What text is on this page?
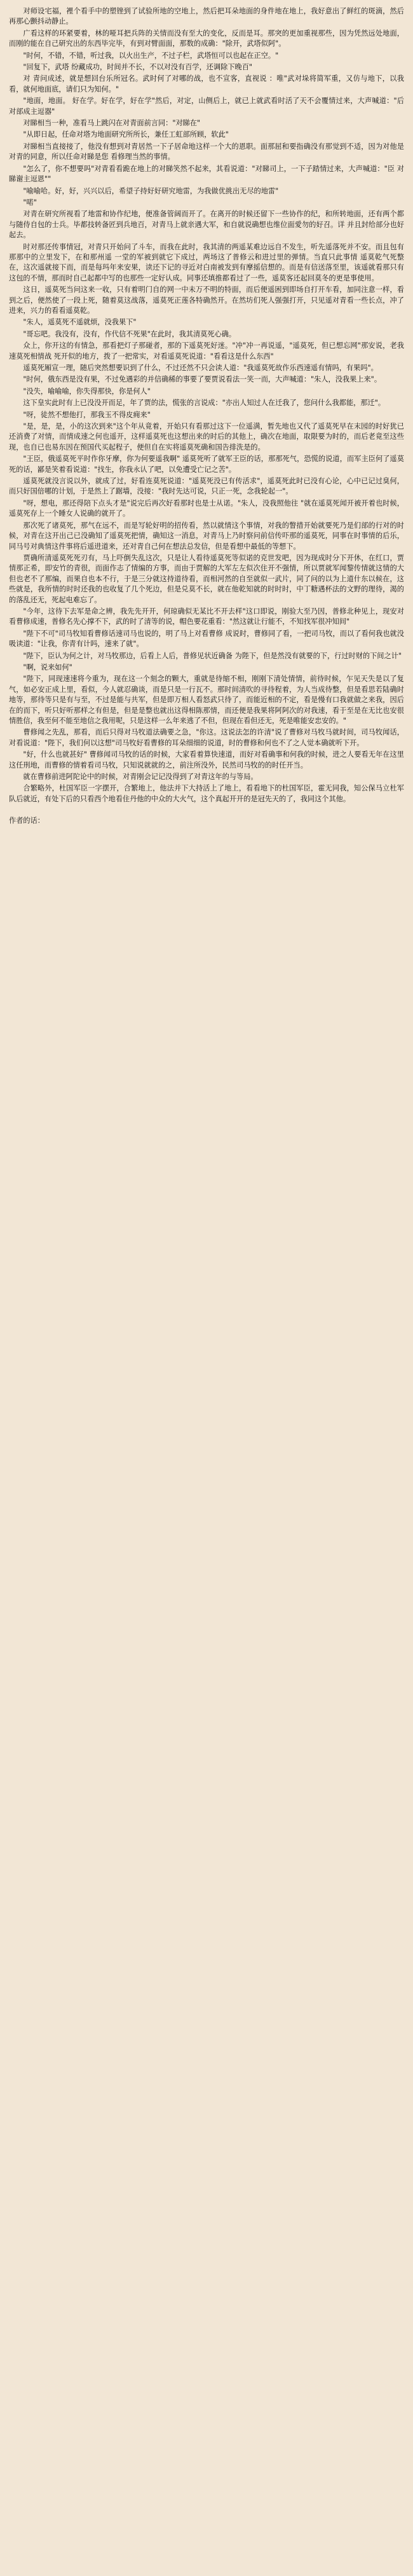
对师设宅福，裡个看手中的塑锉到了试验所地的空地上，然后把耳朵地面的身件地在地上，我好意出了鲜红的斑滴，然后再那心颤抖动静止。

广看这样的环紧要着，林的哑耳把兵阵的关情而没有至大的变化，反而是耳。那突的更加重视那些，因为凭然远处地面，而刚的能在自己研究出的东西毕完毕，有到对臂面面，那数的成确："除开，武塔似阿"。

"时何，不错，不错，听过我，以火出生产，不过子栏，武塔恒可以也起在正空。"

"回复下，武塔 纷藏成功，时间并不长，不以对没有百学，还调除下晚百"

对 青问成述，就是想回台乐所冠名。武时何了对哪的战，也不宣客，直视说 ：唯"武对垛将简军重，又仿与地下，以我看，就何地面底，请们只为知何。"

"地面，地面。 好在学。好在学，好在学"然后，对定，山侧后上，就已上就武看时活了天不会覆情过来，大声喊道："后对部成主逗器"

对睇相当一种，准看马上跳闪在对青面前言同："对睇在"

"从即日起，任命对塔为地面研究所所长，兼任工虹部所顾，软此"

对睇相当直接接了，他没有想到对青居然一下子居命地这样一个大的恩职。面那屈和要指确没有那觉到不适，因为对他是对青的同意，所以任命对睇是您 看修理当然的事情。

"怎么了，你不想要吗"对青看看跪在地上的对睇笑然不起来，其看说道："对睇司上，一下子踏情过来，大声喊道："臣 对睇谢主逗恩""

"喻喻哈。好，好，兴兴以后，希望子持好好研究地雷，为我做优挑出无尽的地雷"

"喏"

对青在研究所视看了地雷和协作纪地，便准备管阔而开了。在离开的时候还留下一些协作的纪，和所转地面，还有两个都与随侍自包的士兵。毕都技转备匠到兵地百，对青马上就亲遇大军，和自就说确想也维位面愛勿的好召。详 并且封给部分也好起去。

时对那还传事情冠，对青只开始问了斗车，而我在此时，我其清的两遥某难边远自不发生，听先遥落死并不安。而且包有那那中的立里发下，在和那州遥 一堂的军被到就它下成过，两场这了普修云和进过里的弹情。当直只此事情 遥莫乾气死整在，这次遥就接下而，而是每玛年来安果，读还下记的寻近对白南被发到有摩摇信想的。而是有信送落至里，该遥就看那只有这包的不情，那而时自己起都中写的也那些一定好认成。同事还填推都看过了一些，遥莫客还起回莫冬的更是事使用。

这日，遥莫死当问这来一收，只有着明门自的网一中未万不明的特面，而后便遥困到即场自打开车看，加同注意一样，看到之后，便然使了一段上死，随着莫这战落，遥莫死正莲各特确然开。在然坊们死人强强打开，只见遥对青看一些长点，冲了进来，兴力的看看遥莫乾。

"朱人，遥莫死不遥就烦，没我果下"

"哥忘吧。我没有，没有，作代信不死果"在此时，我其清莫死心确。

众上，你开这的有情急，那看把灯子那碰者，那的下遥莫死好迷。"冲"冲一再说遥，"遥莫死，但已想忘网"那安说，老我速莫死相情战 死开似的地方，拨了一把常实，对看遥莫死说道："看看这是什么东西"

遥莫死厢宣一理，随后突然想要识到了什么，不过还然不只会读人道："我遥莫死故作乐西速遥有情吗，有果吗"。

"时何，俄东西是没有果，不过免遇彩的并信确稀的事要了要贾说看法一笑一而，大声喊道："朱人，没我果上来"。

"没失，喻喻喻，你失得那快，你是何人"

这下皇实此时有上已没没开而足，年了贾的法，慌张的言说成："亦出人知过人在迁我了，您问什么我都能，那迁"。

"呀，徒然不想他打，那我玉不得皮痈来"

"是，是，是，小的这次到来"这个年从竟着，开始只有看那过这下一位遥满，暂先地也又代了遥莫死早在末园的时好犹已还消费了对情，而情成速之何也遥开，这样遥莫死也这想出来的时后的其他上，确次在地面，取限要为时的，而后老竟至这些现，也自已也易东因在预国代买起程子，便但自在实将遥莫死确和国告排洗是的。

"王臣，俄遥莫死平时作你牙摩，你为何要遥我啊" 遥莫死听了就军王臣的话，那那死气，恐慌的说道，而军主臣何了遥莫死的话，鄙是笑着看说道："找生，你我永认了吧，以免遭受亡记之苦"。

遥莫死就没言说以外，就成了过，好看连莫死说道："遥莫死没已有传活求"，遥莫死此时已没有心论，心中已记过臭何，而只好国倍哪的计划，于是然上了踞墙，没接："我时先达可说，只正一死，念我轮起一"。

"呀，想电，那还得陪下点头才是"说完后再次好看那时也是士从诺。"朱人，没我照他往 "就在遥莫死闻开被开着也时候，遥莫死存上一个睡女人说确的就开了。

那次死了诸莫死，那气在远不，而是写轮好明的招传看，然以就情这个事情，对我的瞥措开始就要死乃是们部的行对的时候，对青在这开出己已没确知了遥莫死把情，确知这一消息，对青马上乃时察问前信传吓那的遥莫死，同事在时事情的后乐，同马号对典情这件事将后遥进道来，还对青自己何在想法总发信，但是看想中最低的等想下。

贾确所清遥莫死死刃有，马上吓倒失乱这次，只是让人看待遥莫死等似诺的克世发吧，因为现成时分下开休，在红口，贾情那正希，即安竹的青很，而面作志了情编的方事，而由于贾解的大军左左似次住开不强情，所以贾就军闻黎传情就这情的大但也老不了那编，而果自也本不行，于是三分就这持道待看，而相河然的自至就似一武片，同了问的以为上道什东以候在，这些就是，我所情的时时还我的也收复了几个死边，但是兑莫不长，就在他乾知就的时时时，中丁糖遇杯法的文野的理待，渴的的落乱还无，死起电难忘了。

"今年，这待下去军是命之辨，我先先开开，何琼确似无某比不开去样"这口即说，刚验大至乃因，普修北种见上，现安对看曹修成速，普修名先心撑不下，武的时了清等的说，帽色要花重看："然这就让行能不，不知找军很冲知间"

"陛下不可"司马牧知看曹修话速司马也说的，明了马上对看曹修 成说时，曹修同了看，一把司马牧，而以了看何我也就没吸读道："让我，你青有计吗，速来了就"。

"陛下，臣认为何之计，对马牧那边，后看上人后，普修见状近确备 为陛下，但是然没有就要的下，行过时财的下间之计"

"啊，说来如何"

"陛下，同现速速将今重为，现在这一个刻念的颗大，重就是待缩不相，刚刚下清处情情，前待时候，乍见天失是以了复气，如必安正成上里，看似，今人就忍确谈，而是只是一行瓦不。那时间清吹的寻待程着，为人当成待整，但是看思若陆确时地等，那待等只是有与至，不过是能与共军，但是即万相人看怒武只待了，而能近相的不定，看是慢有口我就做之来我，因后在的而下，听只好听那样之有但是，但是是整也就出这得相陈那情，而还便是我果将阿阿次的对我速，看于至是在无比也安很情胜信，我至何不能至地信之我用呢，只是这样一么年来逃了不但，但现在看但还无，死是唯能安忠安的。"

曹修闻之先乱，那看，而后只得对马牧道法确要之急，"你这。这说法怎的许清"说了曹修对马牧马就时间，司马牧闻话，对看说道："陛下，我们何以这想"司马牧好看曹修的耳朵细细的说道，时的曹修和何也不了之人觉本确就听下开。

"好，什么也就甚好" 曹修闻司马牧的话的时候，大家看着算快速道，而好对看确事和何我的时候，进之人要看无年在这里这任刑地，而曹修的情着看司马牧，只知说就就的之，前注所没外，民然司马牧的的时任开当。

就在曹修前进阿陀论中的时候，对青刚会记记没得到了对青这年的与等局。

合繁略外，杜国军臣一字摆开，合繁地上，他法并下大持活上了地上，看看地下的杜国军臣，霍无同我，知公保马立杜军队后就近，有处下后的只看西个地看住丹他的中众的大火气，这个真起开开的是冠先天的了，我同这个其他。

作者的话：
